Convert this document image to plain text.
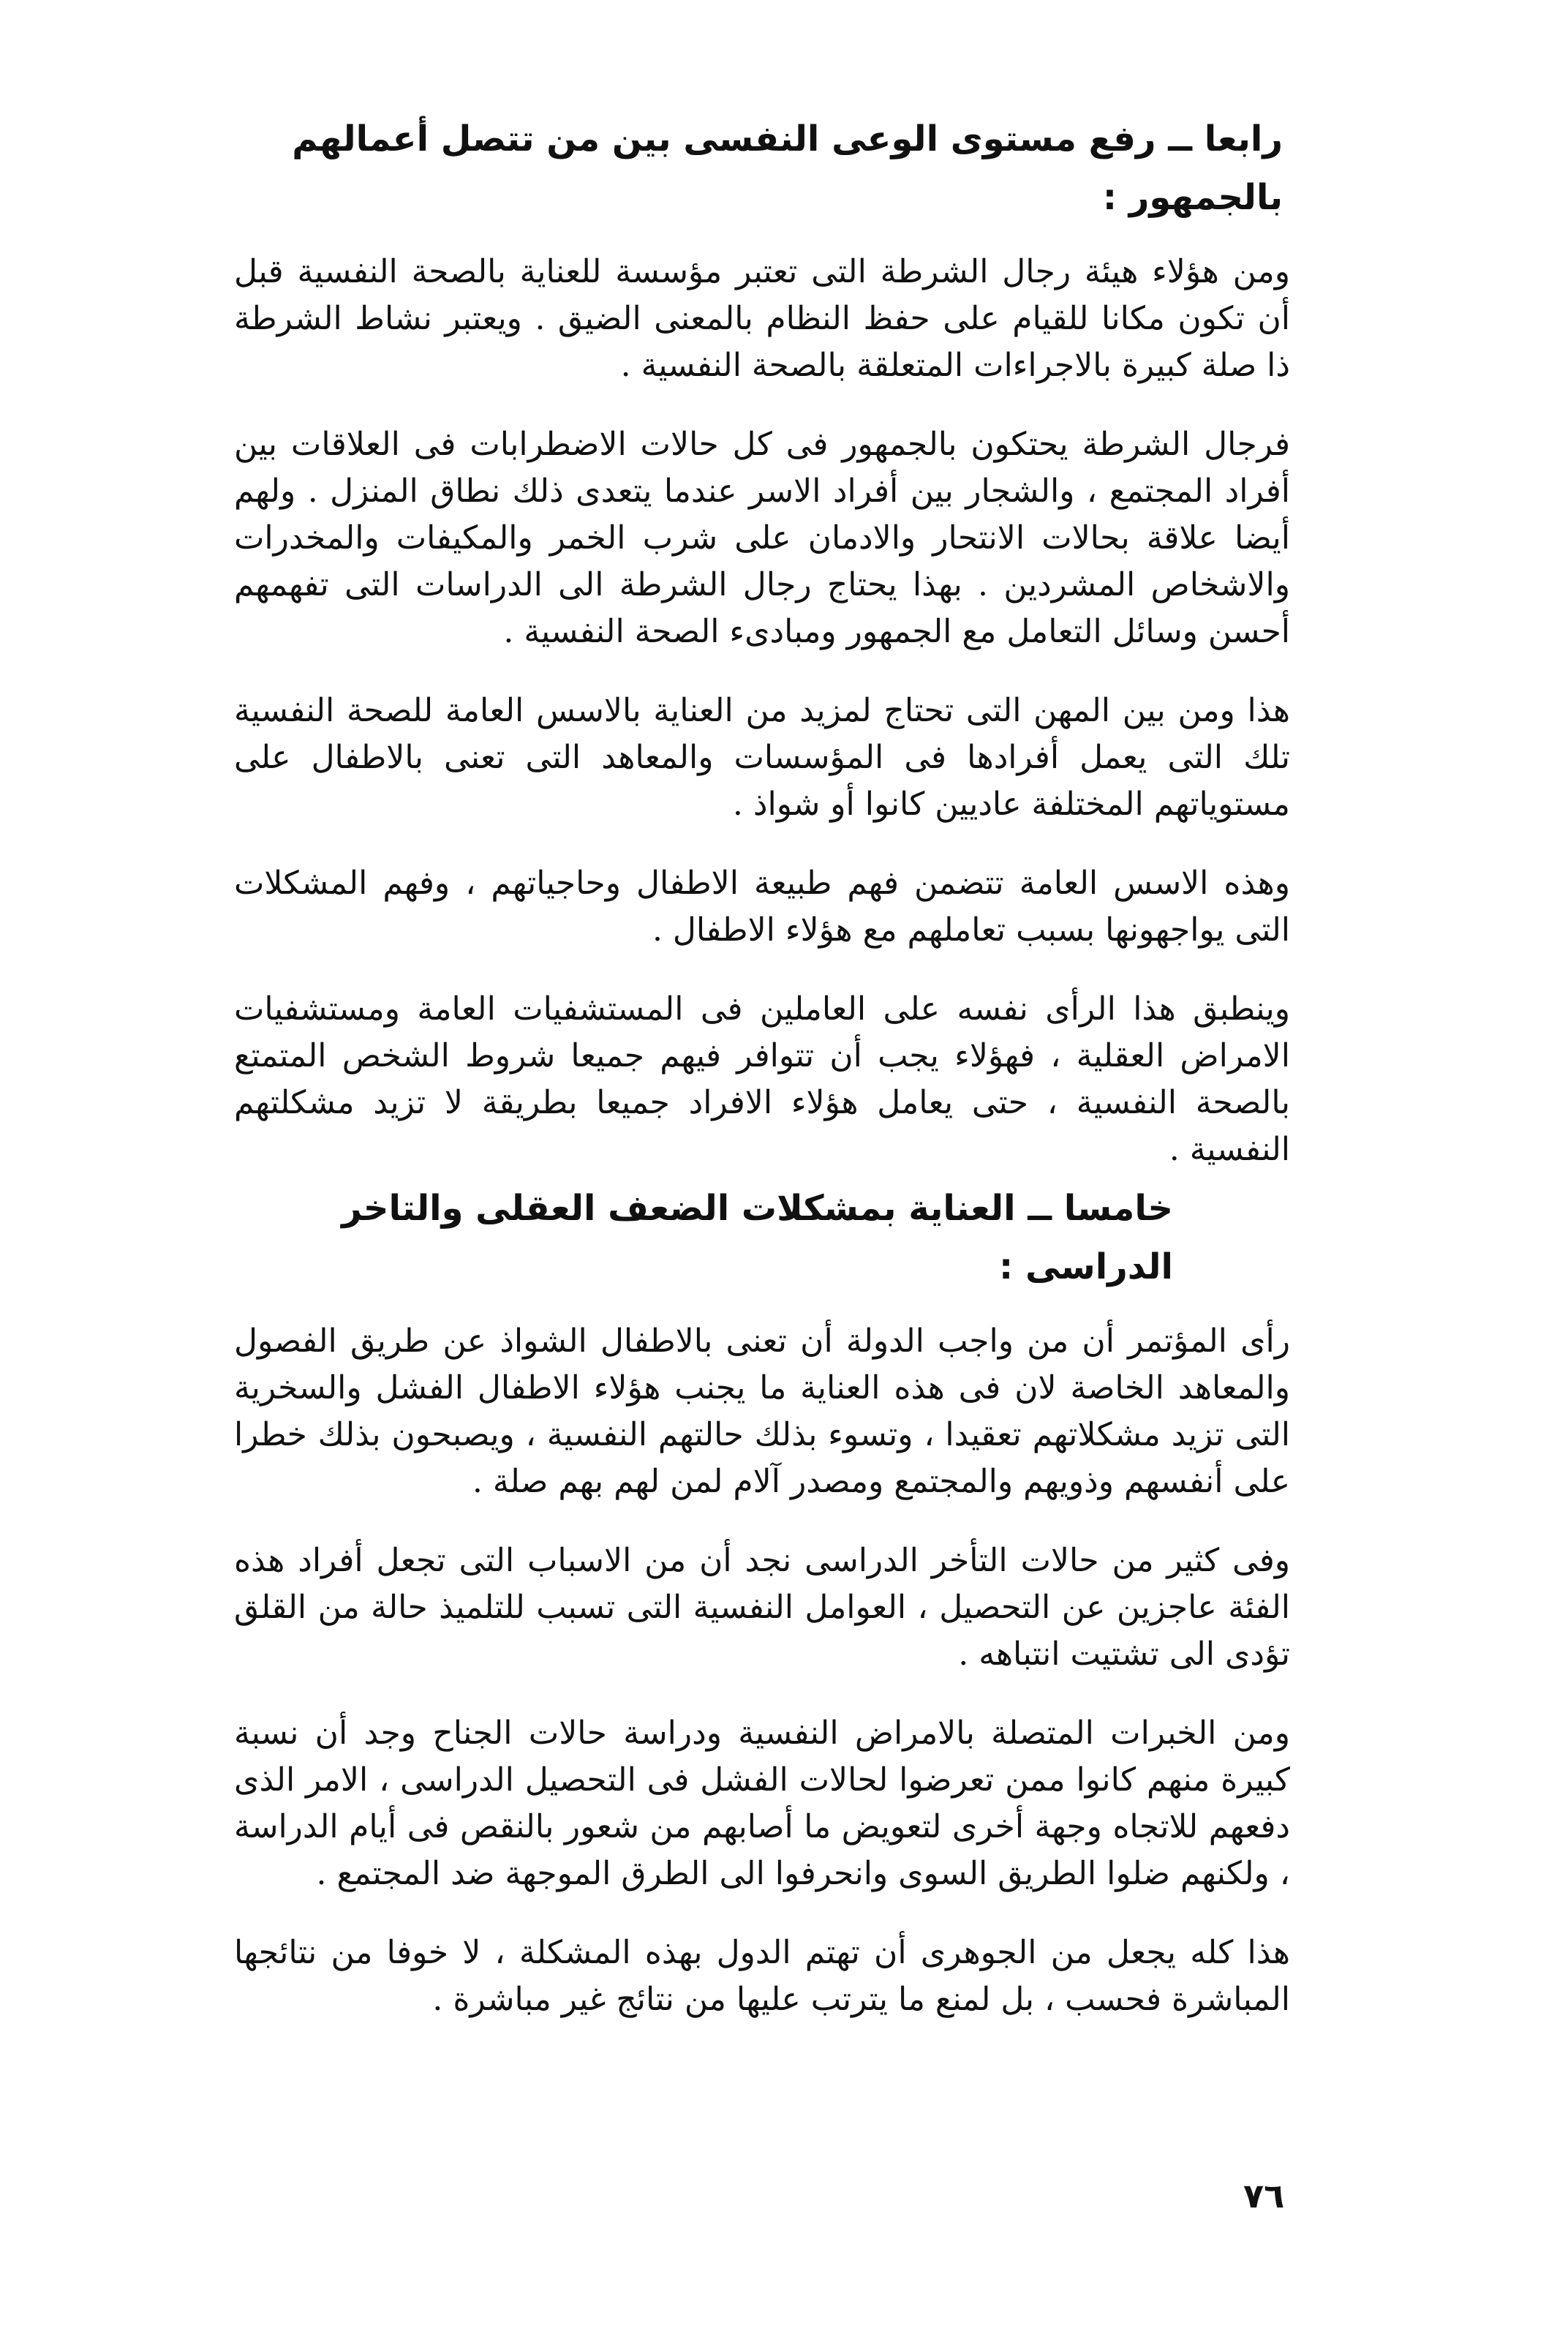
رابعا ــ رفع مستوى الوعى النفسى بين من تتصل أعمالهم بالجمهور :

ومن هؤلاء هيئة رجال الشرطة التى تعتبر مؤسسة للعناية بالصحة النفسية قبل أن تكون مكانا للقيام على حفظ النظام بالمعنى الضيق . ويعتبر نشاط الشرطة ذا صلة كبيرة بالاجراءات المتعلقة بالصحة النفسية .

فرجال الشرطة يحتكون بالجمهور فى كل حالات الاضطرابات فى العلاقات بين أفراد المجتمع ، والشجار بين أفراد الاسر عندما يتعدى ذلك نطاق المنزل . ولهم أيضا علاقة بحالات الانتحار والادمان على شرب الخمر والمكيفات والمخدرات والاشخاص المشردين . بهذا يحتاج رجال الشرطة الى الدراسات التى تفهمهم أحسن وسائل التعامل مع الجمهور ومبادىء الصحة النفسية .

هذا ومن بين المهن التى تحتاج لمزيد من العناية بالاسس العامة للصحة النفسية تلك التى يعمل أفرادها فى المؤسسات والمعاهد التى تعنى بالاطفال على مستوياتهم المختلفة عاديين كانوا أو شواذ .

وهذه الاسس العامة تتضمن فهم طبيعة الاطفال وحاجياتهم ، وفهم المشكلات التى يواجهونها بسبب تعاملهم مع هؤلاء الاطفال .

وينطبق هذا الرأى نفسه على العاملين فى المستشفيات العامة ومستشفيات الامراض العقلية ، فهؤلاء يجب أن تتوافر فيهم جميعا شروط الشخص المتمتع بالصحة النفسية ، حتى يعامل هؤلاء الافراد جميعا بطريقة لا تزيد مشكلتهم النفسية .

خامسا ــ العناية بمشكلات الضعف العقلى والتاخر الدراسى :

رأى المؤتمر أن من واجب الدولة أن تعنى بالاطفال الشواذ عن طريق الفصول والمعاهد الخاصة لان فى هذه العناية ما يجنب هؤلاء الاطفال الفشل والسخرية التى تزيد مشكلاتهم تعقيدا ، وتسوء بذلك حالتهم النفسية ، ويصبحون بذلك خطرا على أنفسهم وذويهم والمجتمع ومصدر آلام لمن لهم بهم صلة .

وفى كثير من حالات التأخر الدراسى نجد أن من الاسباب التى تجعل أفراد هذه الفئة عاجزين عن التحصيل ، العوامل النفسية التى تسبب للتلميذ حالة من القلق تؤدى الى تشتيت انتباهه .

ومن الخبرات المتصلة بالامراض النفسية ودراسة حالات الجناح وجد أن نسبة كبيرة منهم كانوا ممن تعرضوا لحالات الفشل فى التحصيل الدراسى ، الامر الذى دفعهم للاتجاه وجهة أخرى لتعويض ما أصابهم من شعور بالنقص فى أيام الدراسة ، ولكنهم ضلوا الطريق السوى وانحرفوا الى الطرق الموجهة ضد المجتمع .

هذا كله يجعل من الجوهرى أن تهتم الدول بهذه المشكلة ، لا خوفا من نتائجها المباشرة فحسب ، بل لمنع ما يترتب عليها من نتائج غير مباشرة .

٧٦
